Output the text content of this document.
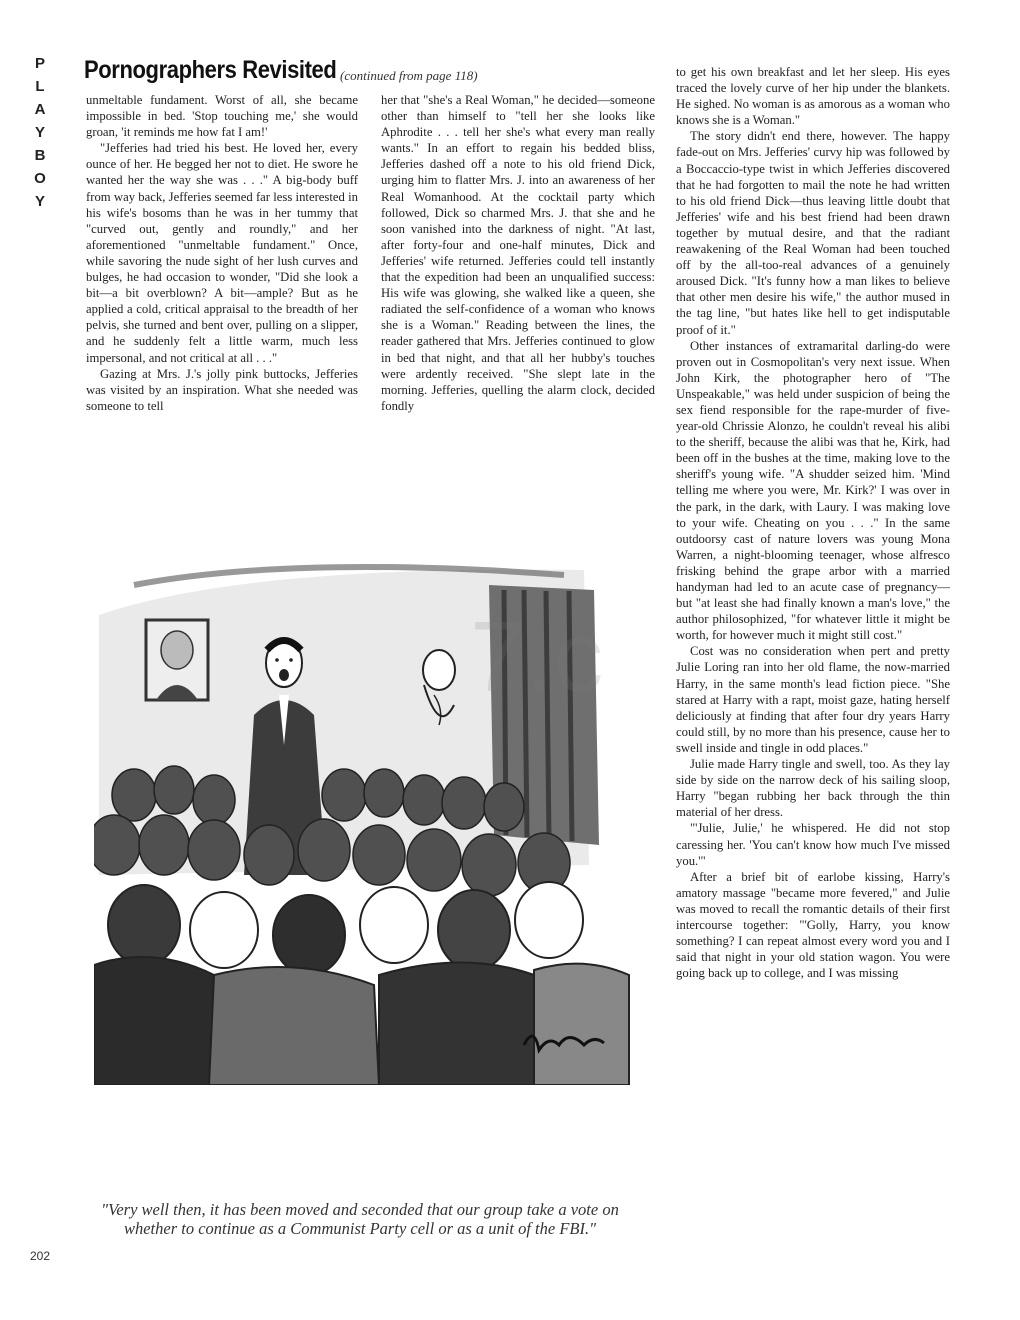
P
L
A
Y
B
O
Y
Pornographers Revisited (continued from page 118)

unmeltable fundament. Worst of all, she became impossible in bed. 'Stop touching me,' she would groan, 'it reminds me how fat I am!'

"Jefferies had tried his best. He loved her, every ounce of her. He begged her not to diet. He swore he wanted her the way she was . . ." A big-body buff from way back, Jefferies seemed far less interested in his wife's bosoms than he was in her tummy that "curved out, gently and roundly," and her aforementioned "unmeltable fundament." Once, while savoring the nude sight of her lush curves and bulges, he had occasion to wonder, "Did she look a bit—a bit overblown? A bit—ample? But as he applied a cold, critical appraisal to the breadth of her pelvis, she turned and bent over, pulling on a slipper, and he suddenly felt a little warm, much less impersonal, and not critical at all . . ."

Gazing at Mrs. J.'s jolly pink buttocks, Jefferies was visited by an inspiration. What she needed was someone to tell

her that "she's a Real Woman," he decided—someone other than himself to "tell her she looks like Aphrodite . . . tell her she's what every man really wants." In an effort to regain his bedded bliss, Jefferies dashed off a note to his old friend Dick, urging him to flatter Mrs. J. into an awareness of her Real Womanhood. At the cocktail party which followed, Dick so charmed Mrs. J. that she and he soon vanished into the darkness of night. "At last, after forty-four and one-half minutes, Dick and Jefferies' wife returned. Jefferies could tell instantly that the expedition had been an unqualified success: His wife was glowing, she walked like a queen, she radiated the self-confidence of a woman who knows she is a Woman." Reading between the lines, the reader gathered that Mrs. Jefferies continued to glow in bed that night, and that all her hubby's touches were ardently received. "She slept late in the morning. Jefferies, quelling the alarm clock, decided fondly

to get his own breakfast and let her sleep. His eyes traced the lovely curve of her hip under the blankets. He sighed. No woman is as amorous as a woman who knows she is a Woman."

The story didn't end there, however. The happy fade-out on Mrs. Jefferies' curvy hip was followed by a Boccaccio-type twist in which Jefferies discovered that he had forgotten to mail the note he had written to his old friend Dick—thus leaving little doubt that Jefferies' wife and his best friend had been drawn together by mutual desire, and that the radiant reawakening of the Real Woman had been touched off by the all-too-real advances of a genuinely aroused Dick. "It's funny how a man likes to believe that other men desire his wife," the author mused in the tag line, "but hates like hell to get indisputable proof of it."

Other instances of extramarital darling-do were proven out in Cosmopolitan's very next issue. When John Kirk, the photographer hero of "The Unspeakable," was held under suspicion of being the sex fiend responsible for the rape-murder of five-year-old Chrissie Alonzo, he couldn't reveal his alibi to the sheriff, because the alibi was that he, Kirk, had been off in the bushes at the time, making love to the sheriff's young wife. "A shudder seized him. 'Mind telling me where you were, Mr. Kirk?' I was over in the park, in the dark, with Laury. I was making love to your wife. Cheating on you . . ." In the same outdoorsy cast of nature lovers was young Mona Warren, a night-blooming teenager, whose alfresco frisking behind the grape arbor with a married handyman had led to an acute case of pregnancy—but "at least she had finally known a man's love," the author philosophized, "for whatever little it might be worth, for however much it might still cost."

Cost was no consideration when pert and pretty Julie Loring ran into her old flame, the now-married Harry, in the same month's lead fiction piece. "She stared at Harry with a rapt, moist gaze, hating herself deliciously at finding that after four dry years Harry could still, by no more than his presence, cause her to swell inside and tingle in odd places."

Julie made Harry tingle and swell, too. As they lay side by side on the narrow deck of his sailing sloop, Harry "began rubbing her back through the thin material of her dress.

"'Julie, Julie,' he whispered. He did not stop caressing her. 'You can't know how much I've missed you.'"

After a brief bit of earlobe kissing, Harry's amatory massage "became more fevered," and Julie was moved to recall the romantic details of their first intercourse together: "'Golly, Harry, you know something? I can repeat almost every word you and I said that night in your old station wagon. You were going back up to college, and I was missing

"Very well then, it has been moved and seconded that our group take a vote on whether to continue as a Communist Party cell or as a unit of the FBI."
202
